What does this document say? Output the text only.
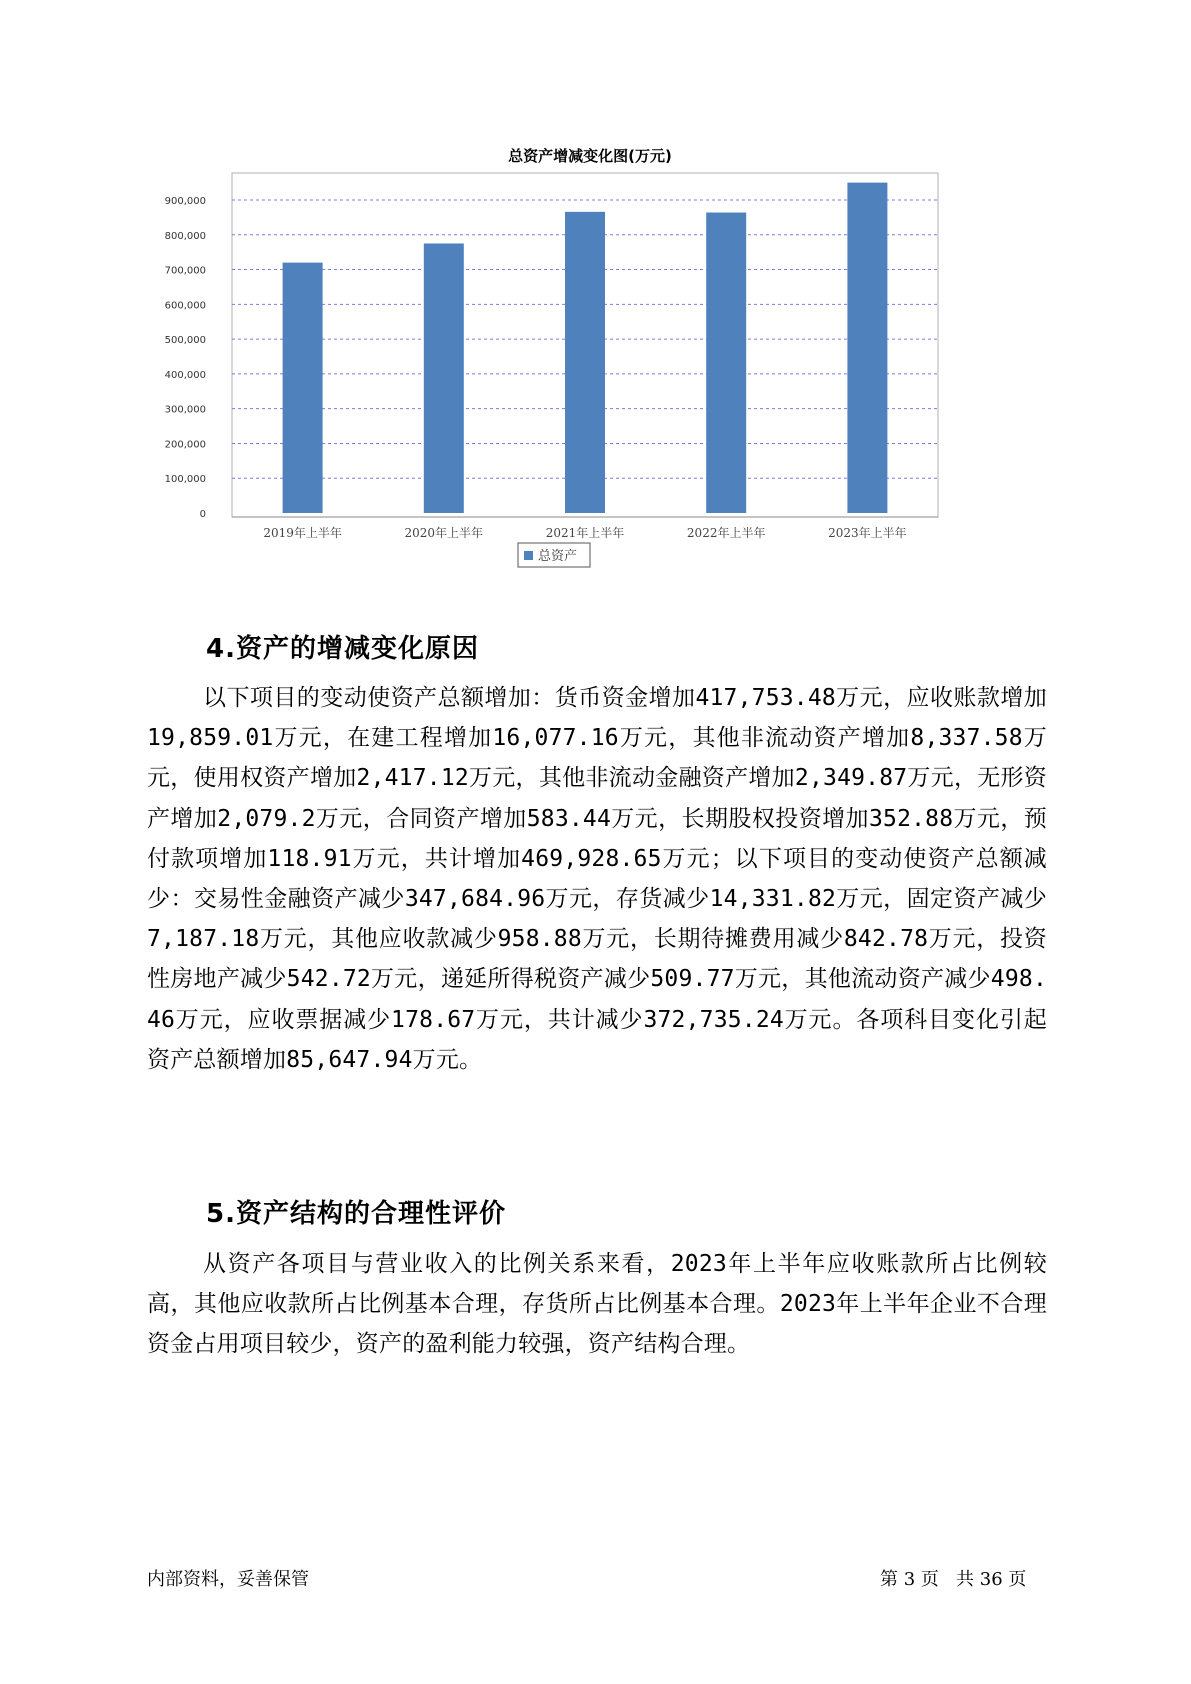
总资产增减变化图(万元)
0
100,000
200,000
300,000
400,000
500,000
600,000
700,000
800,000
900,000
2019年上半年	2020年上半年	2021年上半年	2022年上半年	2023年上半年
总资产
4.资产的增减变化原因

以下项目的变动使资产总额增加：货币资金增加417,753.48万元，应收账款增加19,859.01万元，在建工程增加16,077.16万元，其他非流动资产增加8,337.58万元，使用权资产增加2,417.12万元，其他非流动金融资产增加2,349.87万元，无形资产增加2,079.2万元，合同资产增加583.44万元，长期股权投资增加352.88万元，预付款项增加118.91万元，共计增加469,928.65万元；以下项目的变动使资产总额减少：交易性金融资产减少347,684.96万元，存货减少14,331.82万元，固定资产减少7,187.18万元，其他应收款减少958.88万元，长期待摊费用减少842.78万元，投资性房地产减少542.72万元，递延所得税资产减少509.77万元，其他流动资产减少498.46万元，应收票据减少178.67万元，共计减少372,735.24万元。各项科目变化引起资产总额增加85,647.94万元。

5.资产结构的合理性评价

从资产各项目与营业收入的比例关系来看，2023年上半年应收账款所占比例较高，其他应收款所占比例基本合理，存货所占比例基本合理。2023年上半年企业不合理资金占用项目较少，资产的盈利能力较强，资产结构合理。

内部资料，妥善保管	第 3 页   共 36 页
